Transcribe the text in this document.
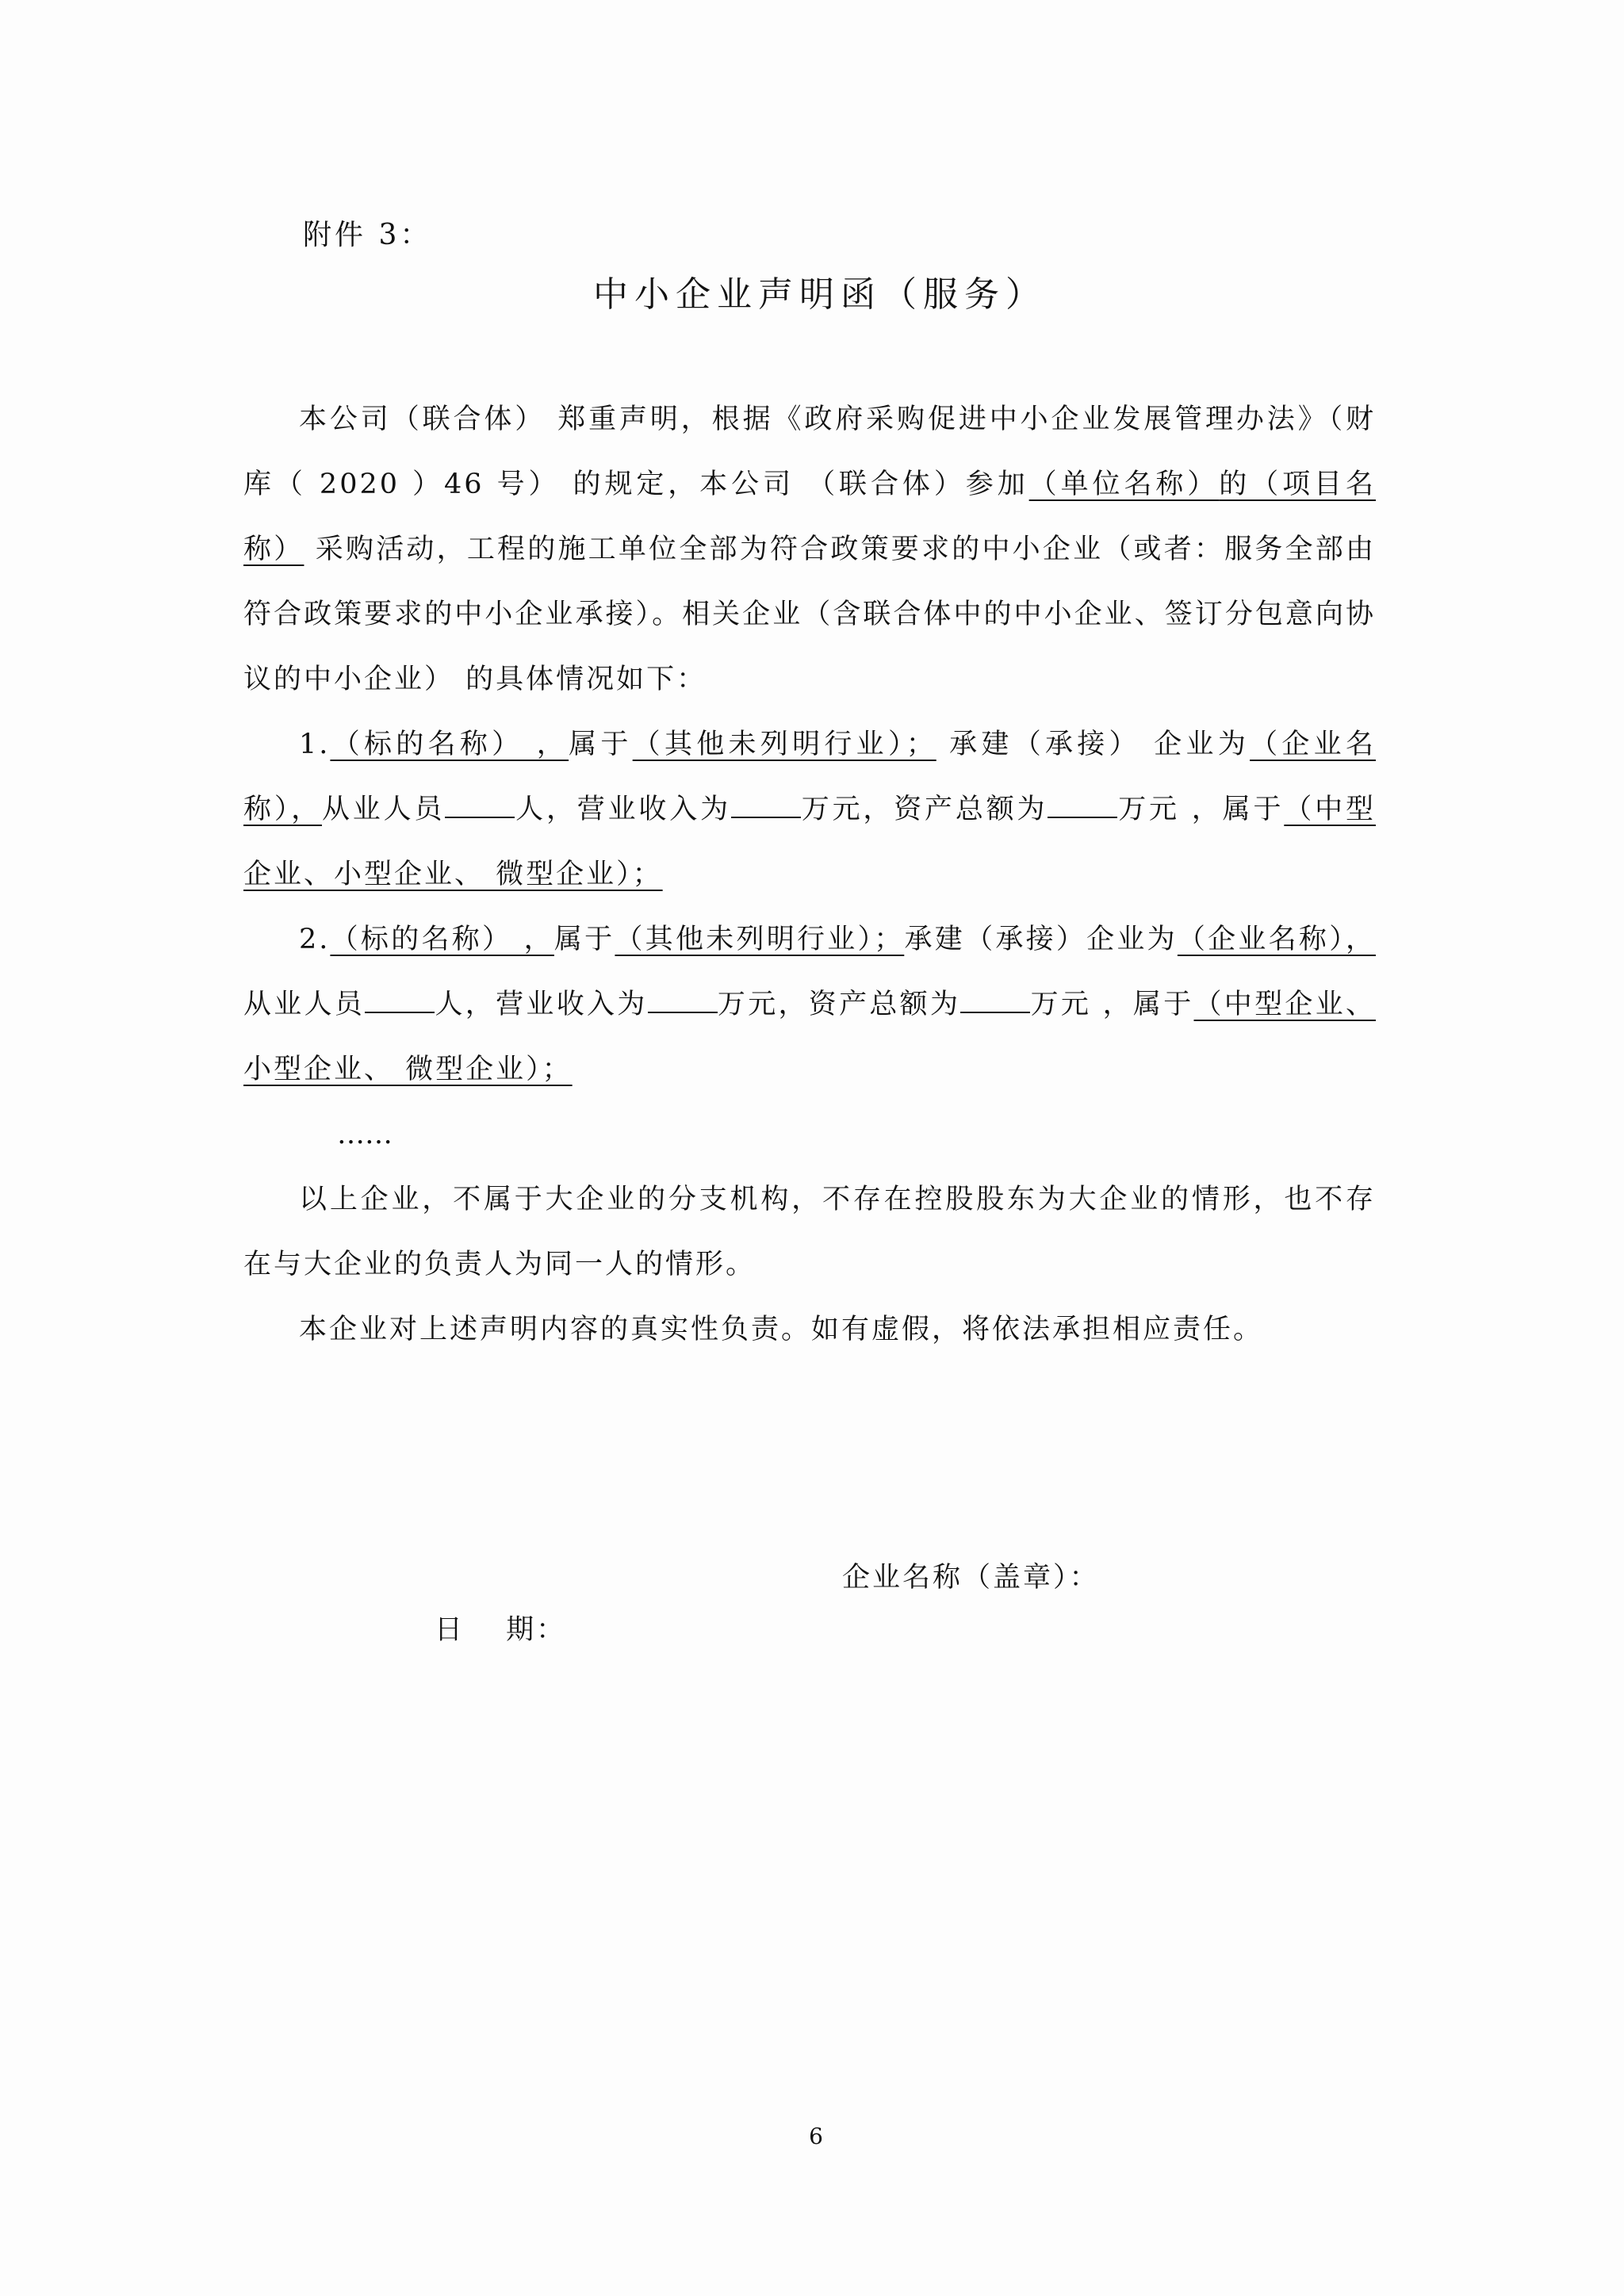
附件 3：
中小企业声明函（服务）

本公司（联合体） 郑重声明，根据《政府采购促进中小企业发展管理办法》（财库（ 2020 ）46 号） 的规定，本公司 （联合体）参加（单位名称）的（项目名称） 采购活动，工程的施工单位全部为符合政策要求的中小企业（或者：服务全部由符合政策要求的中小企业承接）。相关企业（含联合体中的中小企业、签订分包意向协议的中小企业） 的具体情况如下：

1.（标的名称） ，属于（其他未列明行业）； 承建（承接） 企业为（企业名称），从业人员	人，营业收入为	万元，资产总额为	万元 ，属于（中型企业、小型企业、 微型企业）；

2.（标的名称） ，属于（其他未列明行业）；承建（承接）企业为（企业名称），从业人员	人，营业收入为	万元，资产总额为	万元 ，属于（中型企业、小型企业、 微型企业）；

……

以上企业，不属于大企业的分支机构，不存在控股股东为大企业的情形，也不存在与大企业的负责人为同一人的情形。

本企业对上述声明内容的真实性负责。如有虚假，将依法承担相应责任。

企业名称（盖章）：
日　 期：
6
